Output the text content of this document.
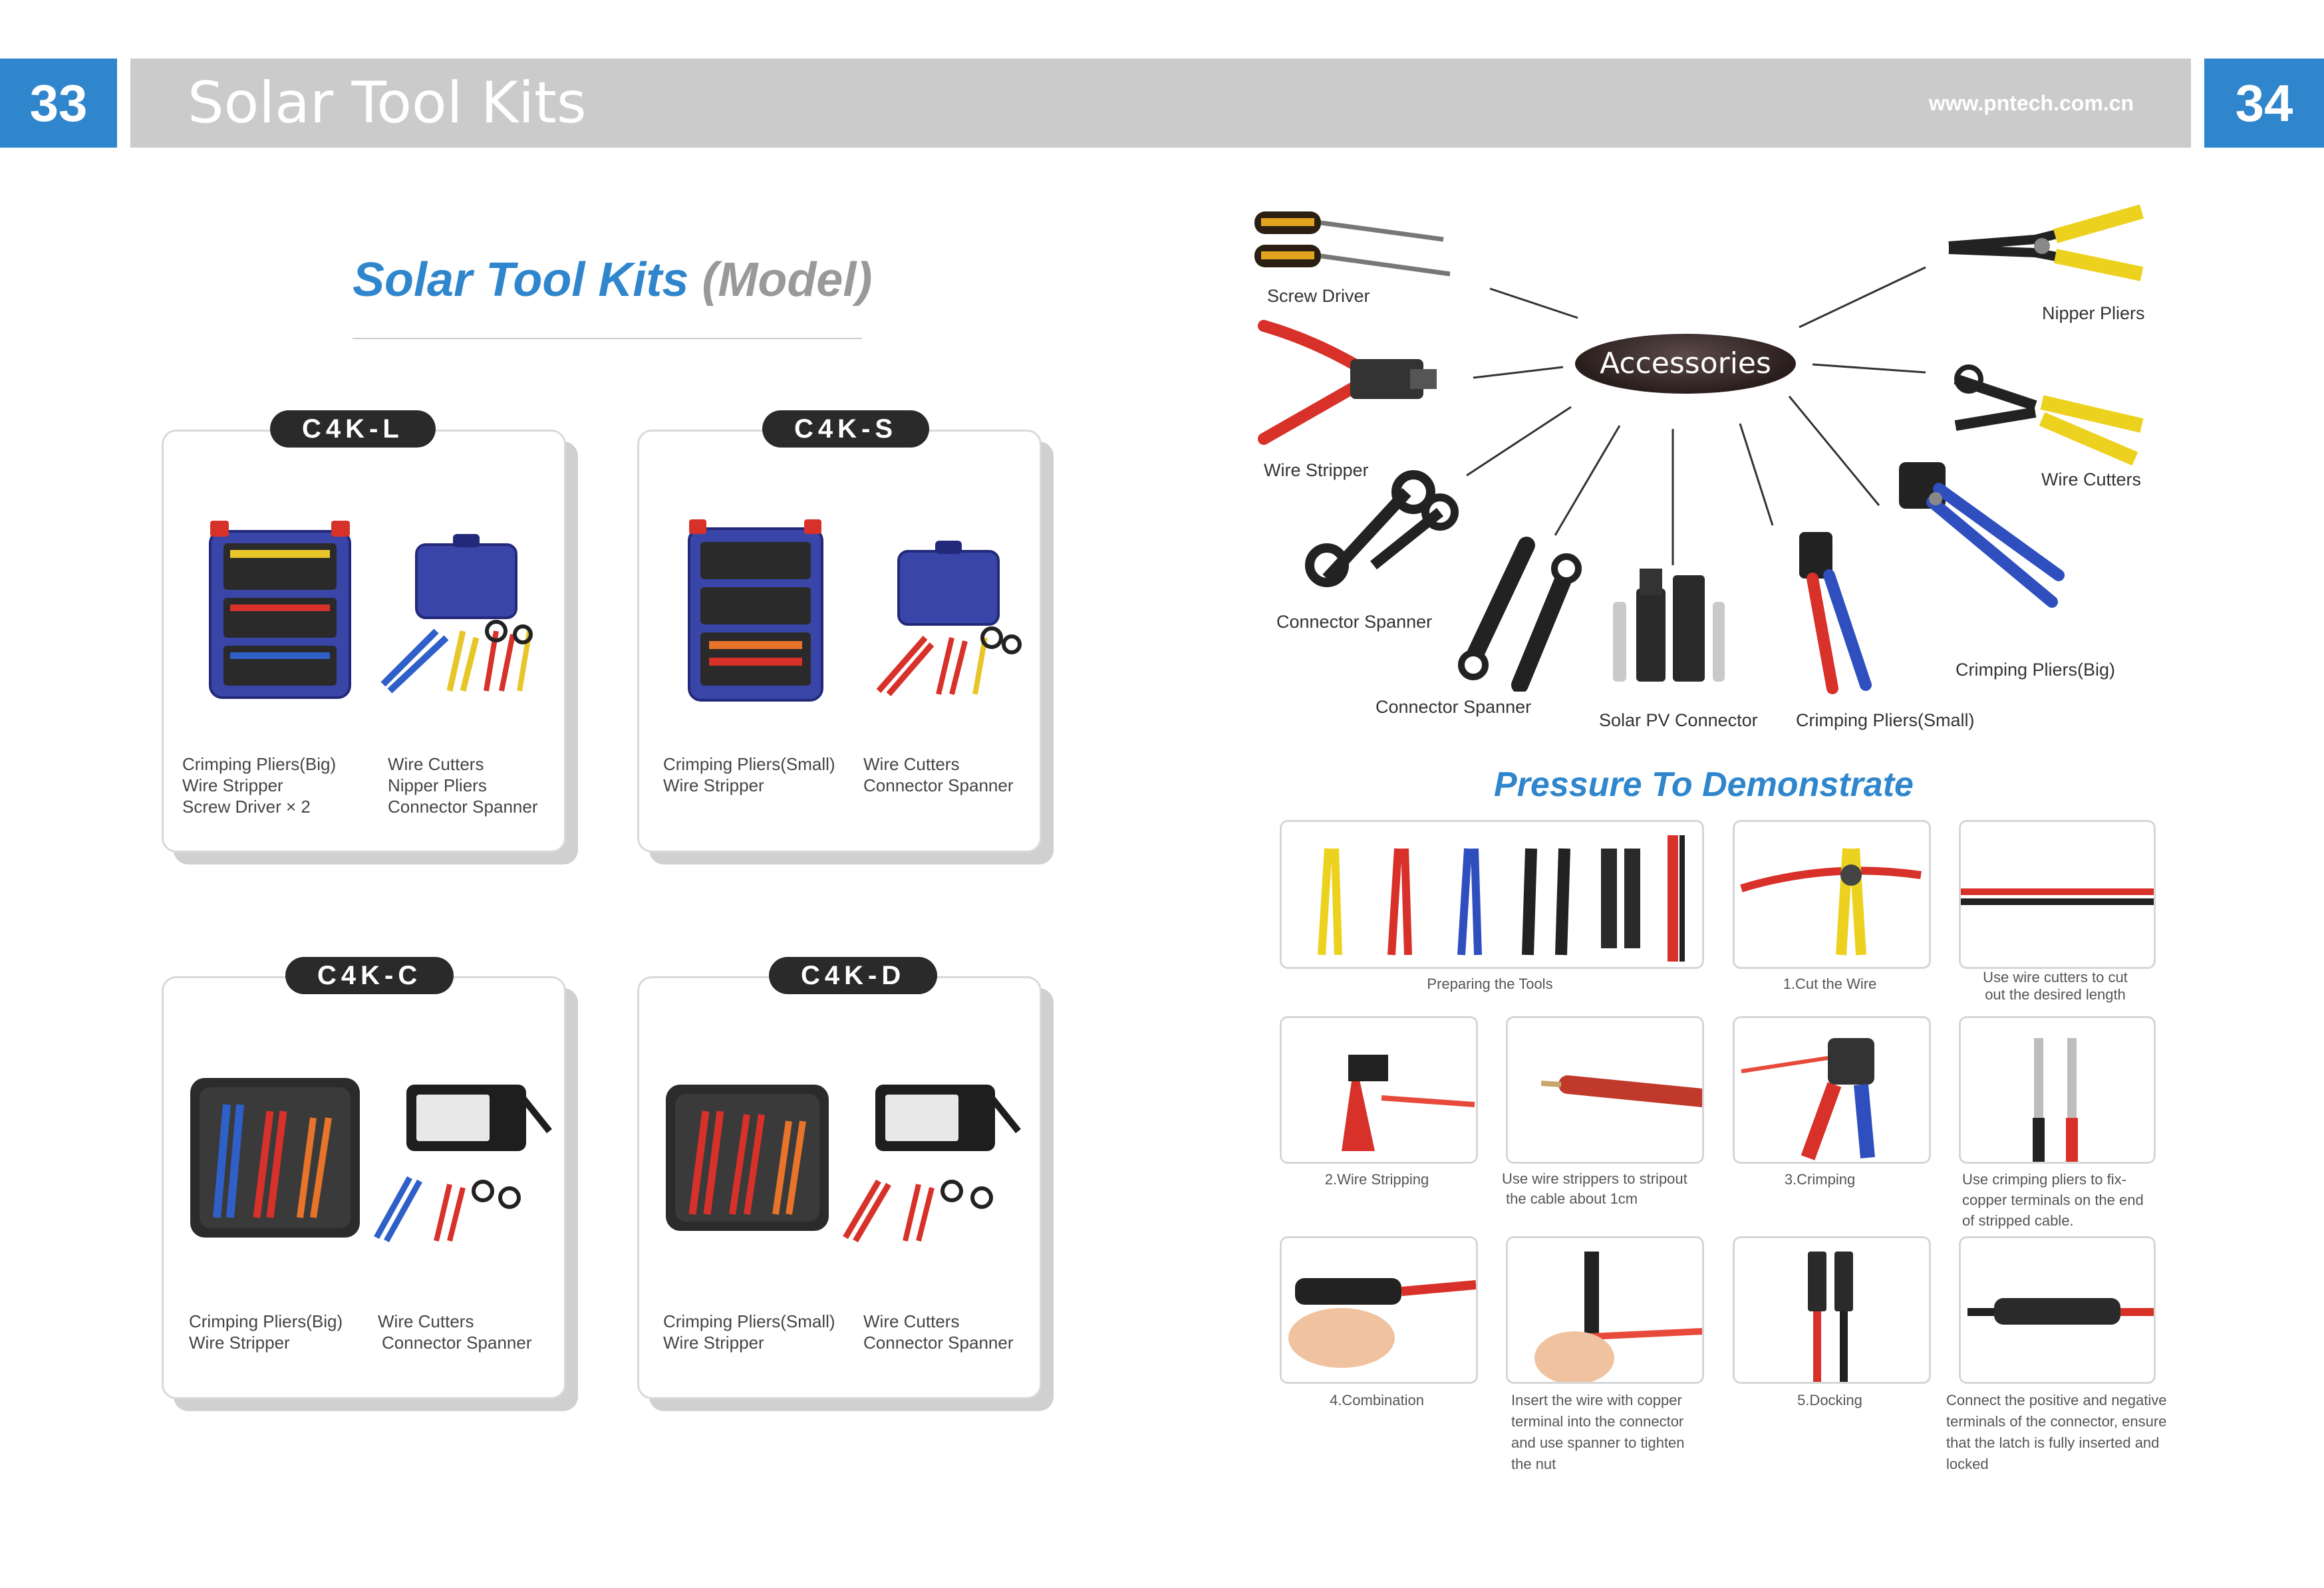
33	Solar Tool Kits	www.pntech.com.cn	34
Solar Tool Kits (Model)
C4K-L
Crimping Pliers(Big)
Wire Stripper
Screw Driver × 2
Wire Cutters
Nipper Pliers
Connector Spanner
C4K-S
Crimping Pliers(Small)
Wire Stripper
Wire Cutters
Connector Spanner
C4K-C
Crimping Pliers(Big)
Wire Stripper
Wire Cutters
Connector Spanner
C4K-D
Crimping Pliers(Small)
Wire Stripper
Wire Cutters
Connector Spanner
Accessories
Screw Driver
Nipper Pliers
Wire Stripper	Wire Cutters
Connector Spanner
Crimping Pliers(Big)
Connector Spanner
Solar PV Connector Crimping Pliers(Small)
Pressure To Demonstrate
Preparing the Tools	1.Cut the Wire	Use wire cutters to cut
out the desired length
2.Wire Stripping	Use wire strippers to stripout
the cable about 1cm
3.Crimping	Use crimping pliers to fix-
copper terminals on the end
of stripped cable.
4.Combination	Insert the wire with copper
terminal into the connector
and use spanner to tighten
the nut
5.Docking	Connect the positive and negative
terminals of the connector, ensure
that the latch is fully inserted and
locked
